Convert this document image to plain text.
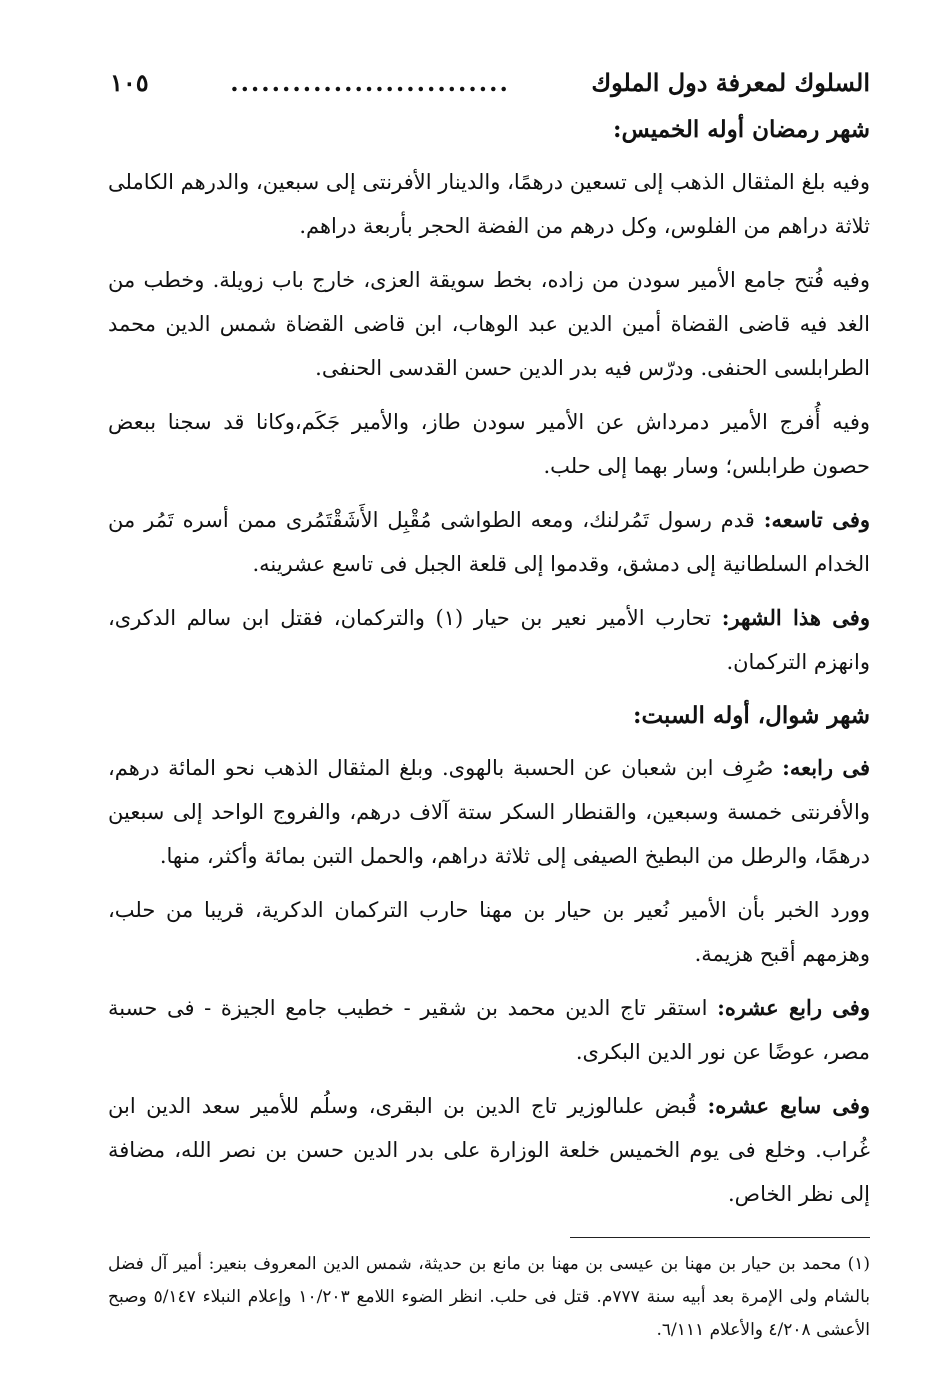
السلوك لمعرفة دول الملوك
...........................
١٠٥
شهر رمضان أوله الخميس:

وفيه بلغ المثقال الذهب إلى تسعين درهمًا، والدينار الأفرنتى إلى سبعين، والدرهم الكاملى ثلاثة دراهم من الفلوس، وكل درهم من الفضة الحجر بأربعة دراهم.

وفيه فُتح جامع الأمير سودن من زاده، بخط سويقة العزى، خارج باب زويلة. وخطب من الغد فيه قاضى القضاة أمين الدين عبد الوهاب، ابن قاضى القضاة شمس الدين محمد الطرابلسى الحنفى. ودرّس فيه بدر الدين حسن القدسى الحنفى.

وفيه أُفرج الأمير دمرداش عن الأمير سودن طاز، والأمير جَكَم،وكانا قد سجنا ببعض حصون طرابلس؛ وسار بهما إلى حلب.

وفى تاسعه: قدم رسول تَمُرلنك، ومعه الطواشى مُقْبِل الأَشَقْتَمُرى ممن أسره تَمُر من الخدام السلطانية إلى دمشق، وقدموا إلى قلعة الجبل فى تاسع عشرينه.

وفى هذا الشهر: تحارب الأمير نعير بن حيار (١) والتركمان، فقتل ابن سالم الدكرى، وانهزم التركمان.

شهر شوال، أوله السبت:

فى رابعه: صُرِف ابن شعبان عن الحسبة بالهوى. وبلغ المثقال الذهب نحو المائة درهم، والأفرنتى خمسة وسبعين، والقنطار السكر ستة آلاف درهم، والفروج الواحد إلى سبعين درهمًا، والرطل من البطيخ الصيفى إلى ثلاثة دراهم، والحمل التبن بمائة وأكثر، منها.

وورد الخبر بأن الأمير نُعير بن حيار بن مهنا حارب التركمان الدكرية، قريبا من حلب، وهزمهم أقبح هزيمة.

وفى رابع عشره: استقر تاج الدين محمد بن شقير - خطيب جامع الجيزة - فى حسبة مصر، عوضًا عن نور الدين البكرى.

وفى سابع عشره: قُبض علىالوزير تاج الدين بن البقرى، وسلُم للأمير سعد الدين ابن غُراب. وخلع فى يوم الخميس خلعة الوزارة على بدر الدين حسن بن نصر الله، مضافة إلى نظر الخاص.

(١) محمد بن حيار بن مهنا بن عيسى بن مهنا بن مانع بن حديثة، شمس الدين المعروف بنعير: أمير آل فضل بالشام ولى الإمرة بعد أبيه سنة ٧٧٧م. قتل فى حلب. انظر الضوء اللامع ١٠/٢٠٣ وإعلام النبلاء ٥/١٤٧ وصبح الأعشى ٤/٢٠٨ والأعلام ٦/١١١.
